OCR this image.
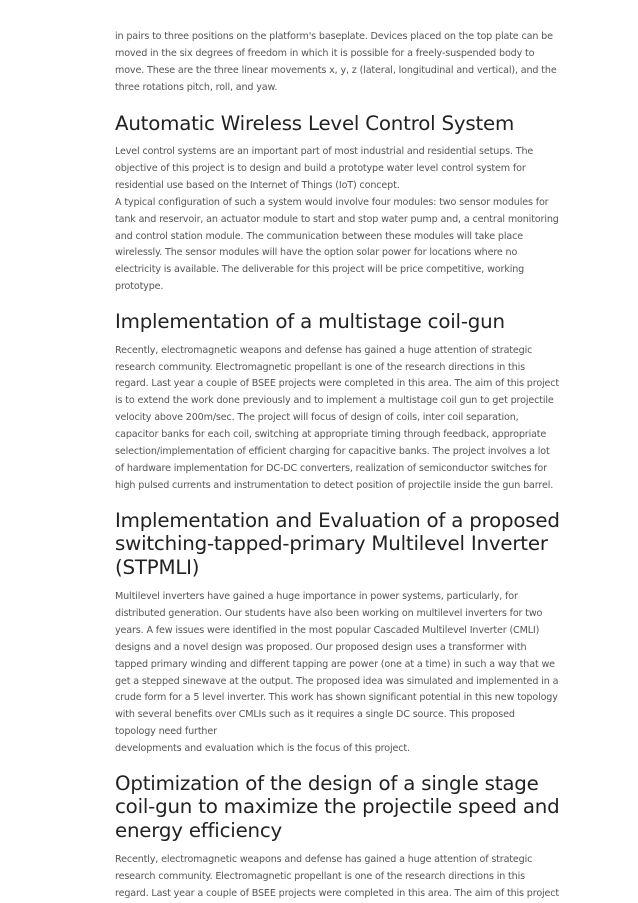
in pairs to three positions on the platform's baseplate. Devices placed on the top plate can be
moved in the six degrees of freedom in which it is possible for a freely-suspended body to
move. These are the three linear movements x, y, z (lateral, longitudinal and vertical), and the
three rotations pitch, roll, and yaw.

Automatic Wireless Level Control System

Level control systems are an important part of most industrial and residential setups. The
objective of this project is to design and build a prototype water level control system for
residential use based on the Internet of Things (IoT) concept.
A typical configuration of such a system would involve four modules: two sensor modules for
tank and reservoir, an actuator module to start and stop water pump and, a central monitoring
and control station module. The communication between these modules will take place
wirelessly. The sensor modules will have the option solar power for locations where no
electricity is available. The deliverable for this project will be price competitive, working
prototype.

Implementation of a multistage coil-gun

Recently, electromagnetic weapons and defense has gained a huge attention of strategic
research community. Electromagnetic propellant is one of the research directions in this
regard. Last year a couple of BSEE projects were completed in this area. The aim of this project
is to extend the work done previously and to implement a multistage coil gun to get projectile
velocity above 200m/sec. The project will focus of design of coils, inter coil separation,
capacitor banks for each coil, switching at appropriate timing through feedback, appropriate
selection/implementation of efficient charging for capacitive banks. The project involves a lot
of hardware implementation for DC-DC converters, realization of semiconductor switches for
high pulsed currents and instrumentation to detect position of projectile inside the gun barrel.

Implementation and Evaluation of a proposed
switching-tapped-primary Multilevel Inverter
(STPMLI)

Multilevel inverters have gained a huge importance in power systems, particularly, for
distributed generation. Our students have also been working on multilevel inverters for two
years. A few issues were identified in the most popular Cascaded Multilevel Inverter (CMLI)
designs and a novel design was proposed. Our proposed design uses a transformer with
tapped primary winding and different tapping are power (one at a time) in such a way that we
get a stepped sinewave at the output. The proposed idea was simulated and implemented in a
crude form for a 5 level inverter. This work has shown significant potential in this new topology
with several benefits over CMLIs such as it requires a single DC source. This proposed
topology need further
developments and evaluation which is the focus of this project.

Optimization of the design of a single stage
coil-gun to maximize the projectile speed and
energy efficiency

Recently, electromagnetic weapons and defense has gained a huge attention of strategic
research community. Electromagnetic propellant is one of the research directions in this
regard. Last year a couple of BSEE projects were completed in this area. The aim of this project
